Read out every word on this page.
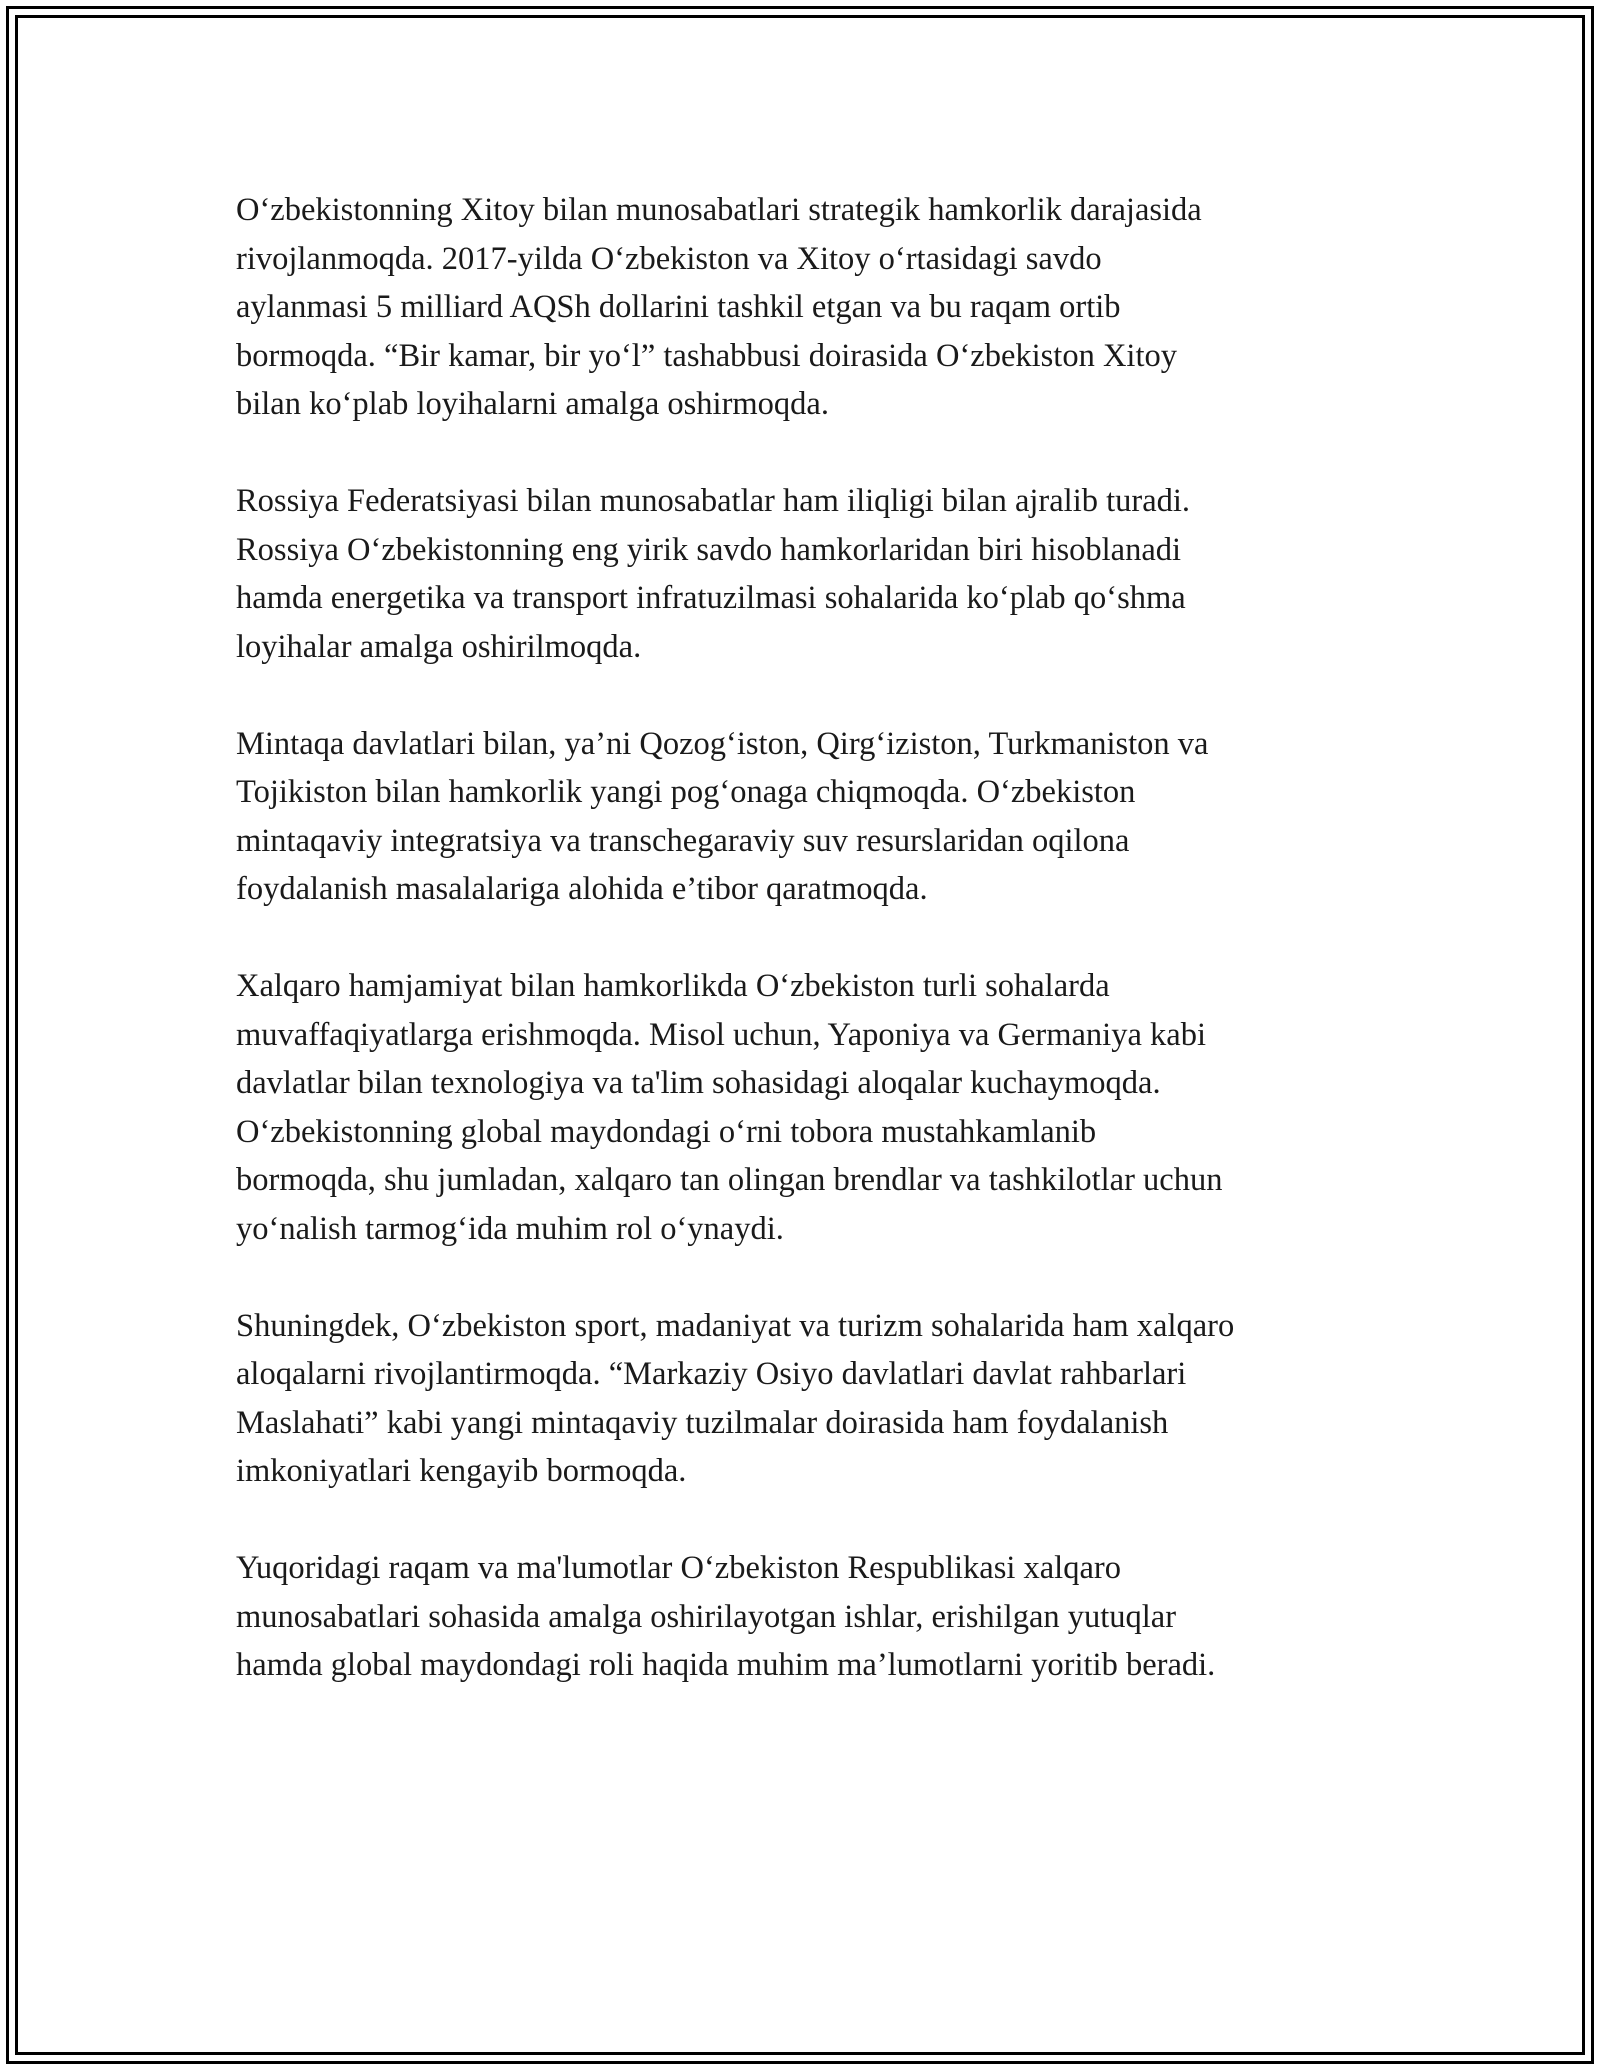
O‘zbekistonning Xitoy bilan munosabatlari strategik hamkorlik darajasida
rivojlanmoqda. 2017-yilda O‘zbekiston va Xitoy o‘rtasidagi savdo
aylanmasi 5 milliard AQSh dollarini tashkil etgan va bu raqam ortib
bormoqda. “Bir kamar, bir yo‘l” tashabbusi doirasida O‘zbekiston Xitoy
bilan ko‘plab loyihalarni amalga oshirmoqda.

Rossiya Federatsiyasi bilan munosabatlar ham iliqligi bilan ajralib turadi.
Rossiya O‘zbekistonning eng yirik savdo hamkorlaridan biri hisoblanadi
hamda energetika va transport infratuzilmasi sohalarida ko‘plab qo‘shma
loyihalar amalga oshirilmoqda.

Mintaqa davlatlari bilan, ya’ni Qozog‘iston, Qirg‘iziston, Turkmaniston va
Tojikiston bilan hamkorlik yangi pog‘onaga chiqmoqda. O‘zbekiston
mintaqaviy integratsiya va transchegaraviy suv resurslaridan oqilona
foydalanish masalalariga alohida e’tibor qaratmoqda.

Xalqaro hamjamiyat bilan hamkorlikda O‘zbekiston turli sohalarda
muvaffaqiyatlarga erishmoqda. Misol uchun, Yaponiya va Germaniya kabi
davlatlar bilan texnologiya va ta'lim sohasidagi aloqalar kuchaymoqda.
O‘zbekistonning global maydondagi o‘rni tobora mustahkamlanib
bormoqda, shu jumladan, xalqaro tan olingan brendlar va tashkilotlar uchun
yo‘nalish tarmog‘ida muhim rol o‘ynaydi.

Shuningdek, O‘zbekiston sport, madaniyat va turizm sohalarida ham xalqaro
aloqalarni rivojlantirmoqda. “Markaziy Osiyo davlatlari davlat rahbarlari
Maslahati” kabi yangi mintaqaviy tuzilmalar doirasida ham foydalanish
imkoniyatlari kengayib bormoqda.

Yuqoridagi raqam va ma'lumotlar O‘zbekiston Respublikasi xalqaro
munosabatlari sohasida amalga oshirilayotgan ishlar, erishilgan yutuqlar
hamda global maydondagi roli haqida muhim ma’lumotlarni yoritib beradi.
